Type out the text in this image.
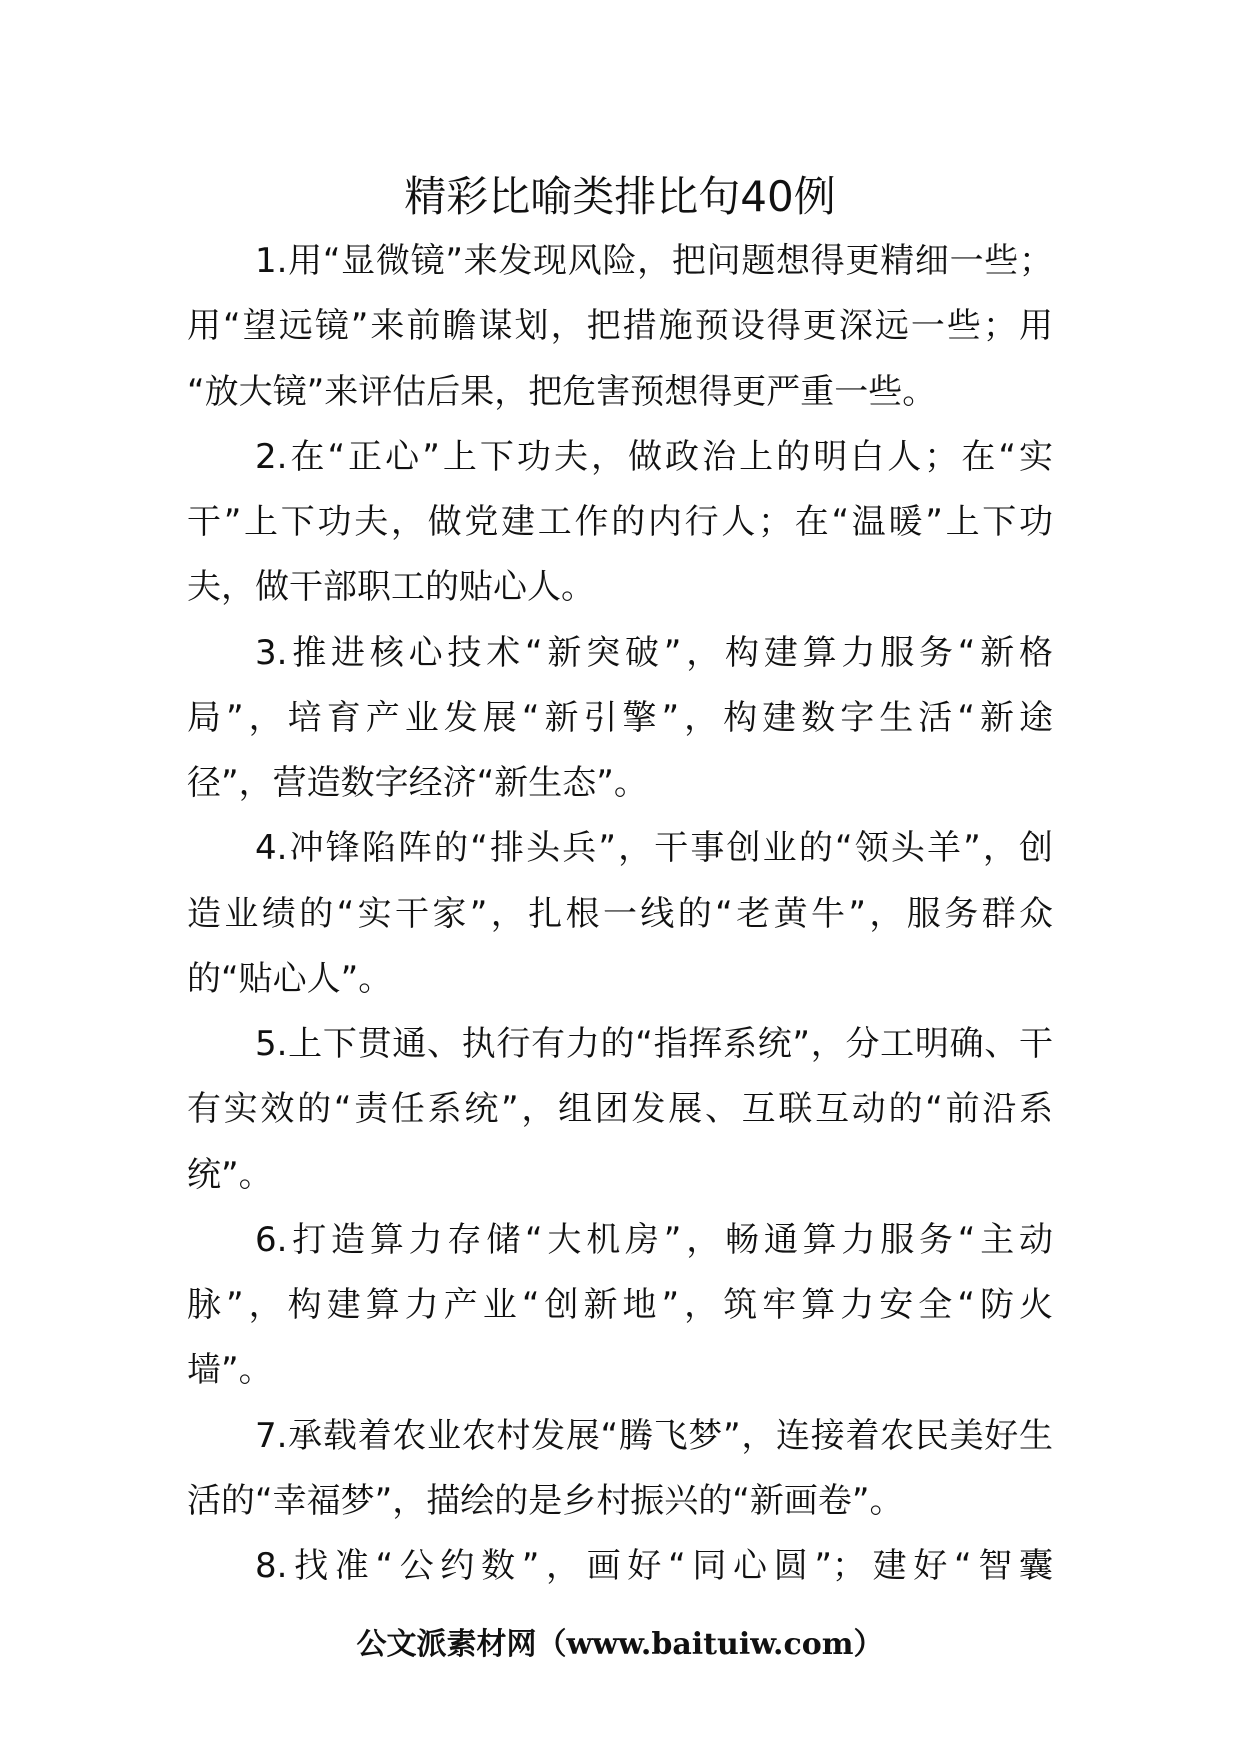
精彩比喻类排比句40例
1.用“显微镜”来发现风险，把问题想得更精细一些；
用“望远镜”来前瞻谋划，把措施预设得更深远一些；用
“放大镜”来评估后果，把危害预想得更严重一些。
2.在“正心”上下功夫，做政治上的明白人；在“实
干”上下功夫，做党建工作的内行人；在“温暖”上下功
夫，做干部职工的贴心人。
3.推进核心技术“新突破”，构建算力服务“新格
局”，培育产业发展“新引擎”，构建数字生活“新途
径”，营造数字经济“新生态”。
4.冲锋陷阵的“排头兵”，干事创业的“领头羊”，创
造业绩的“实干家”，扎根一线的“老黄牛”，服务群众
的“贴心人”。
5.上下贯通、执行有力的“指挥系统”，分工明确、干
有实效的“责任系统”，组团发展、互联互动的“前沿系
统”。
6.打造算力存储“大机房”，畅通算力服务“主动
脉”，构建算力产业“创新地”，筑牢算力安全“防火
墙”。
7.承载着农业农村发展“腾飞梦”，连接着农民美好生
活的“幸福梦”，描绘的是乡村振兴的“新画卷”。
8.找准“公约数”，画好“同心圆”；建好“智囊
公文派素材网（www.baituiw.com）
